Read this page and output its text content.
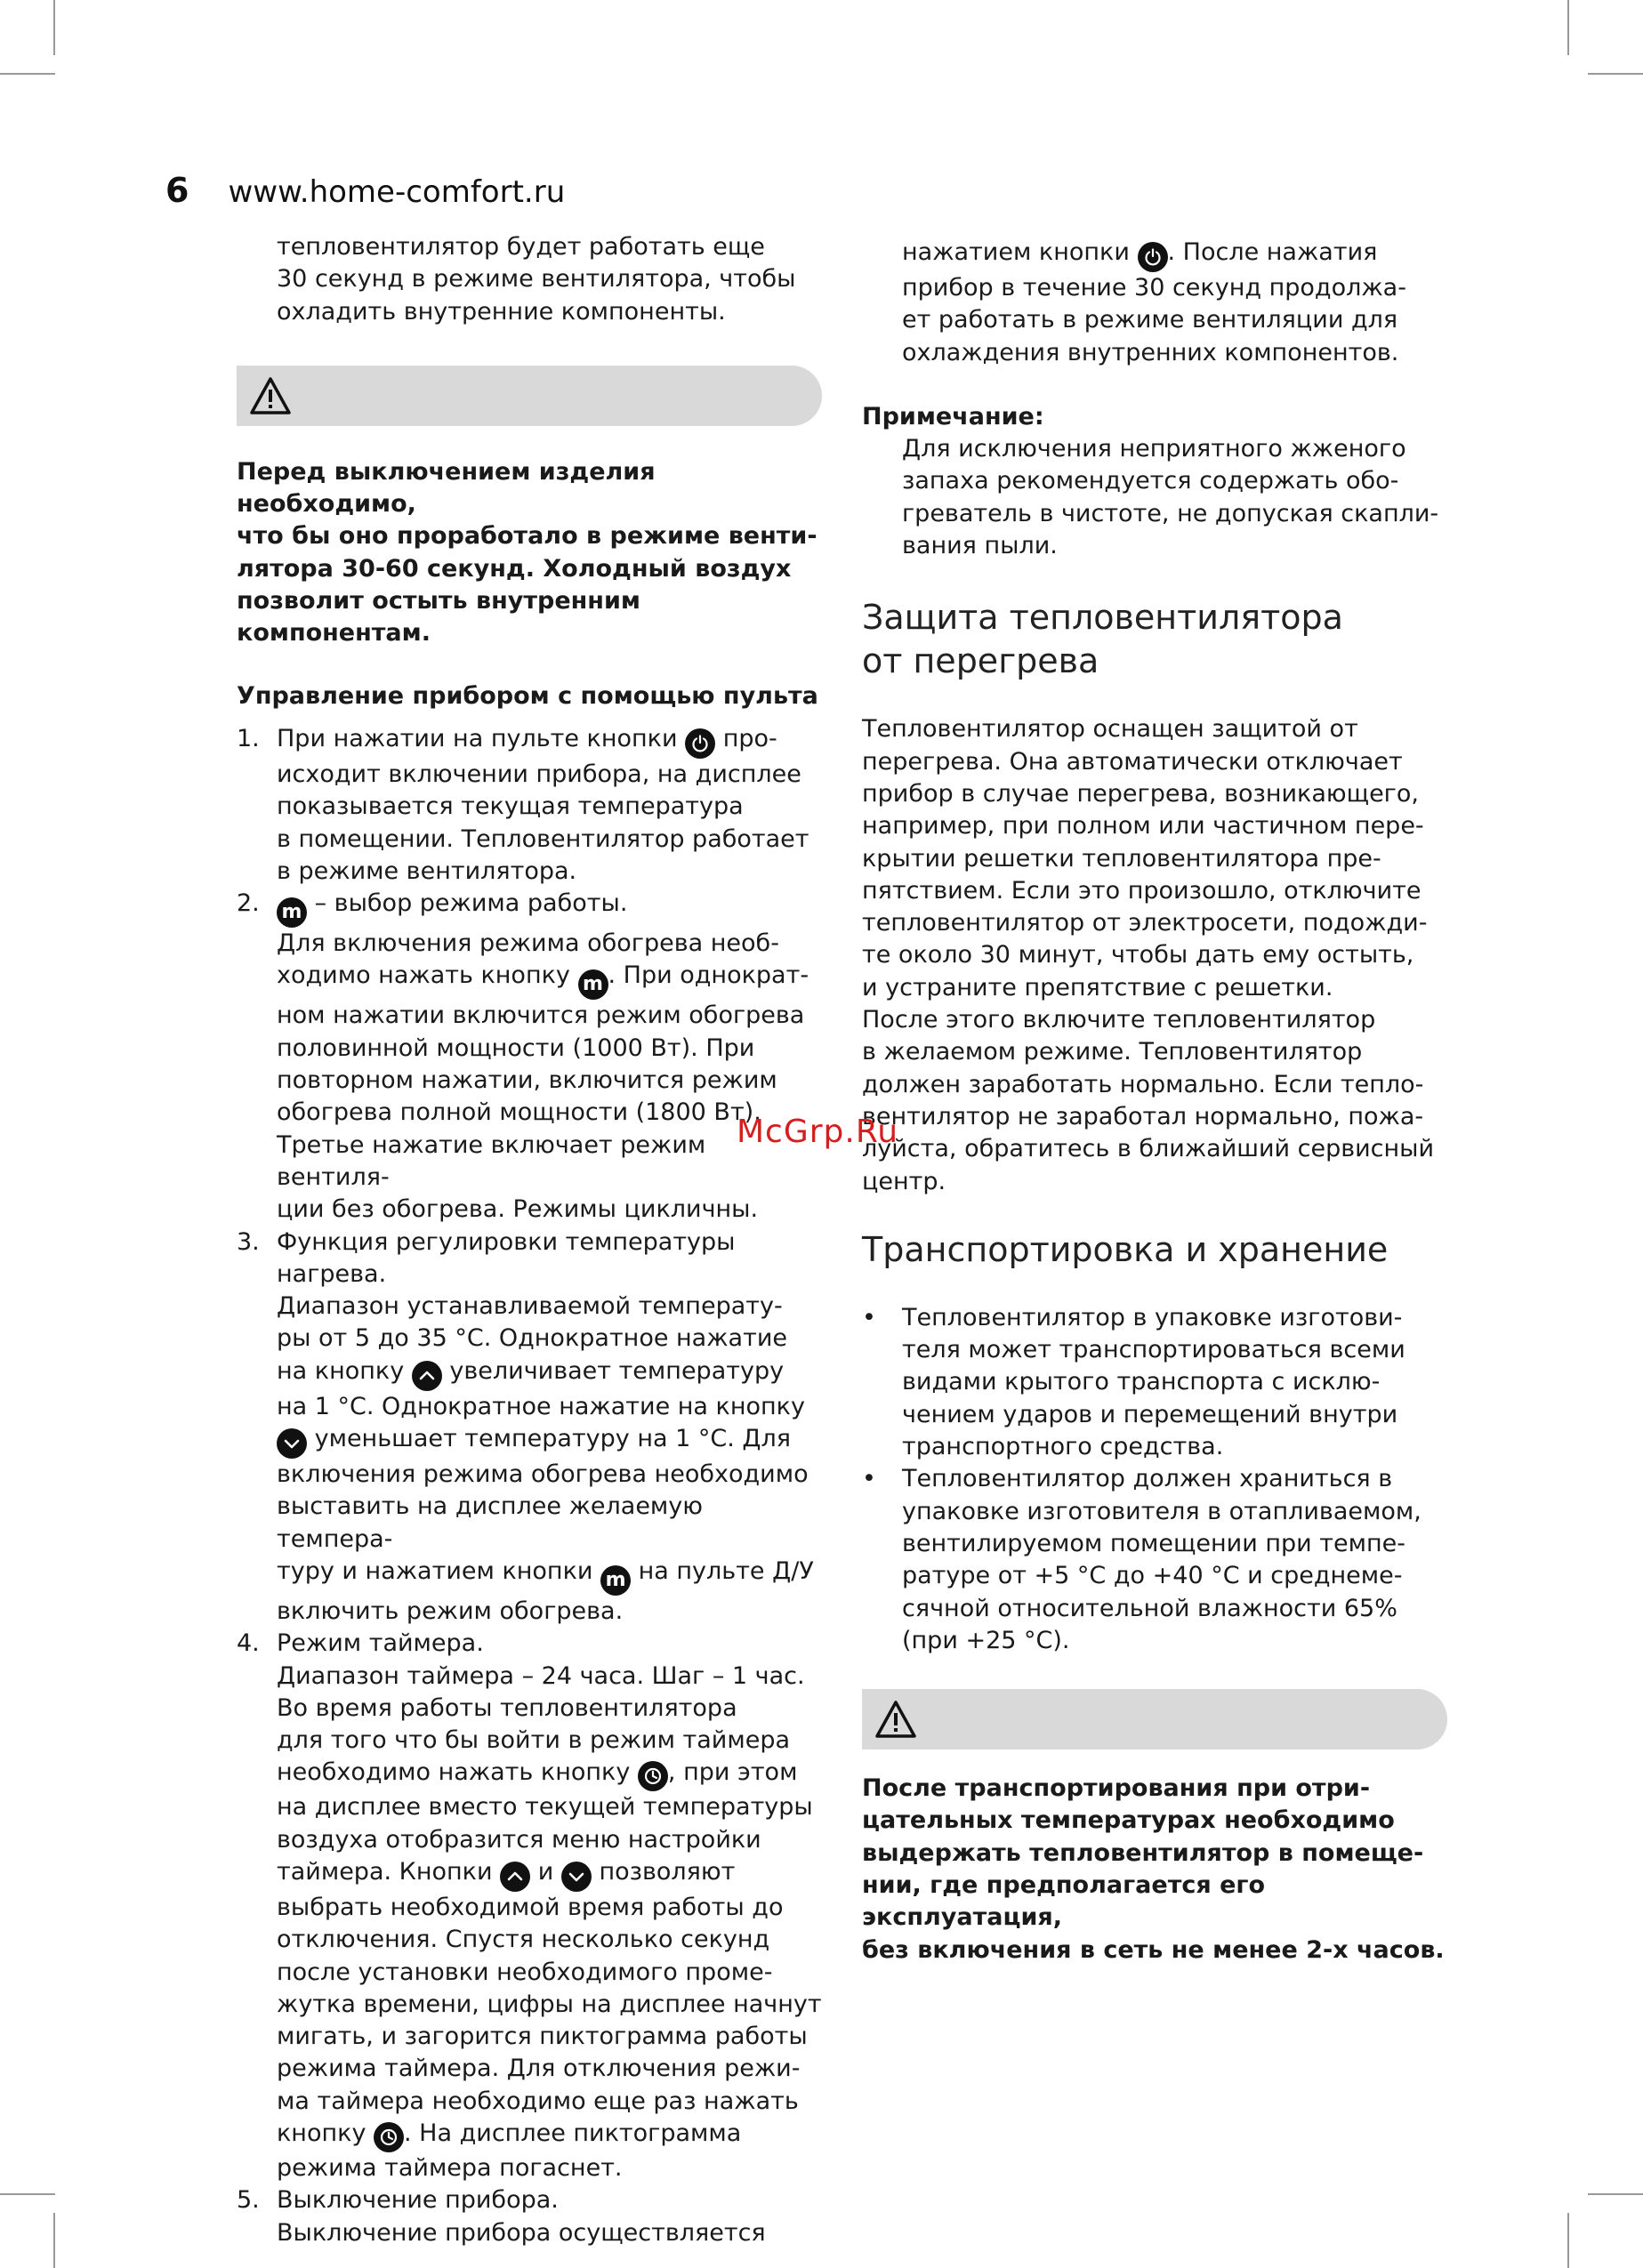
6 www.home-comfort.ru

тепловентилятор будет работать еще

30 секунд в режиме вентилятора, чтобы

охладить внутренние компоненты.

Перед выключением изделия необходимо,

что бы оно проработало в режиме венти-

лятора 30-60 секунд. Холодный воздух

позволит остыть внутренним компонентам.

Управление прибором с помощью пульта

1. При нажатии на пульте кнопки про-

исходит включении прибора, на дисплее

показывается текущая температура

в помещении. Тепловентилятор работает

в режиме вентилятора.

2. m – выбор режима работы.

Для включения режима обогрева необ-

ходимо нажать кнопку m . При однократ-

ном нажатии включится режим обогрева

половинной мощности (1000 Вт). При

повторном нажатии, включится режим

обогрева полной мощности (1800 Вт).

Третье нажатие включает режим вентиля-

ции без обогрева. Режимы цикличны.

3. Функция регулировки температуры

нагрева.

Диапазон устанавливаемой температу-

ры от 5 до 35 °С. Однократное нажатие

на кнопку увеличивает температуру

на 1 °С. Однократное нажатие на кнопку

уменьшает температуру на 1 °С. Для

включения режима обогрева необходимо

выставить на дисплее желаемую темпера-

туру и нажатием кнопки m на пульте Д/У

включить режим обогрева.

4. Режим таймера.

Диапазон таймера – 24 часа. Шаг – 1 час.

Во время работы тепловентилятора

для того что бы войти в режим таймера

необходимо нажать кнопку , при этом

на дисплее вместо текущей температуры

воздуха отобразится меню настройки

таймера. Кнопки и позволяют

выбрать необходимой время работы до

отключения. Спустя несколько секунд

после установки необходимого проме-

жутка времени, цифры на дисплее начнут

мигать, и загорится пиктограмма работы

режима таймера. Для отключения режи-

ма таймера необходимо еще раз нажать

кнопку . На дисплее пиктограмма

режима таймера погаснет.

5. Выключение прибора.

Выключение прибора осуществляется

нажатием кнопки . После нажатия

прибор в течение 30 секунд продолжа-

ет работать в режиме вентиляции для

охлаждения внутренних компонентов.

Примечание:

Для исключения неприятного жженого

запаха рекомендуется содержать обо-

греватель в чистоте, не допуская скапли-

вания пыли.

Защита тепловентилятора

от перегрева

Тепловентилятор оснащен защитой от

перегрева. Она автоматически отключает

прибор в случае перегрева, возникающего,

например, при полном или частичном пере-

крытии решетки тепловентилятора пре-

пятствием. Если это произошло, отключите

тепловентилятор от электросети, подожди-

те около 30 минут, чтобы дать ему остыть,

и устраните препятствие с решетки.

После этого включите тепловентилятор

в желаемом режиме. Тепловентилятор

должен заработать нормально. Если тепло-

вентилятор не заработал нормально, пожа-

луйста, обратитесь в ближайший сервисный

центр.

Транспортировка и хранение

• Тепловентилятор в упаковке изготови-

теля может транспортироваться всеми

видами крытого транспорта с исклю-

чением ударов и перемещений внутри

транспортного средства.

• Тепловентилятор должен храниться в

упаковке изготовителя в отапливаемом,

вентилируемом помещении при темпе-

ратуре от +5 °С до +40 °С и среднеме-

сячной относительной влажности 65%

(при +25 °С).

После транспортирования при отри-

цательных температурах необходимо

выдержать тепловентилятор в помеще-

нии, где предполагается его эксплуатация,

без включения в сеть не менее 2-х часов.

McGrp.Ru
